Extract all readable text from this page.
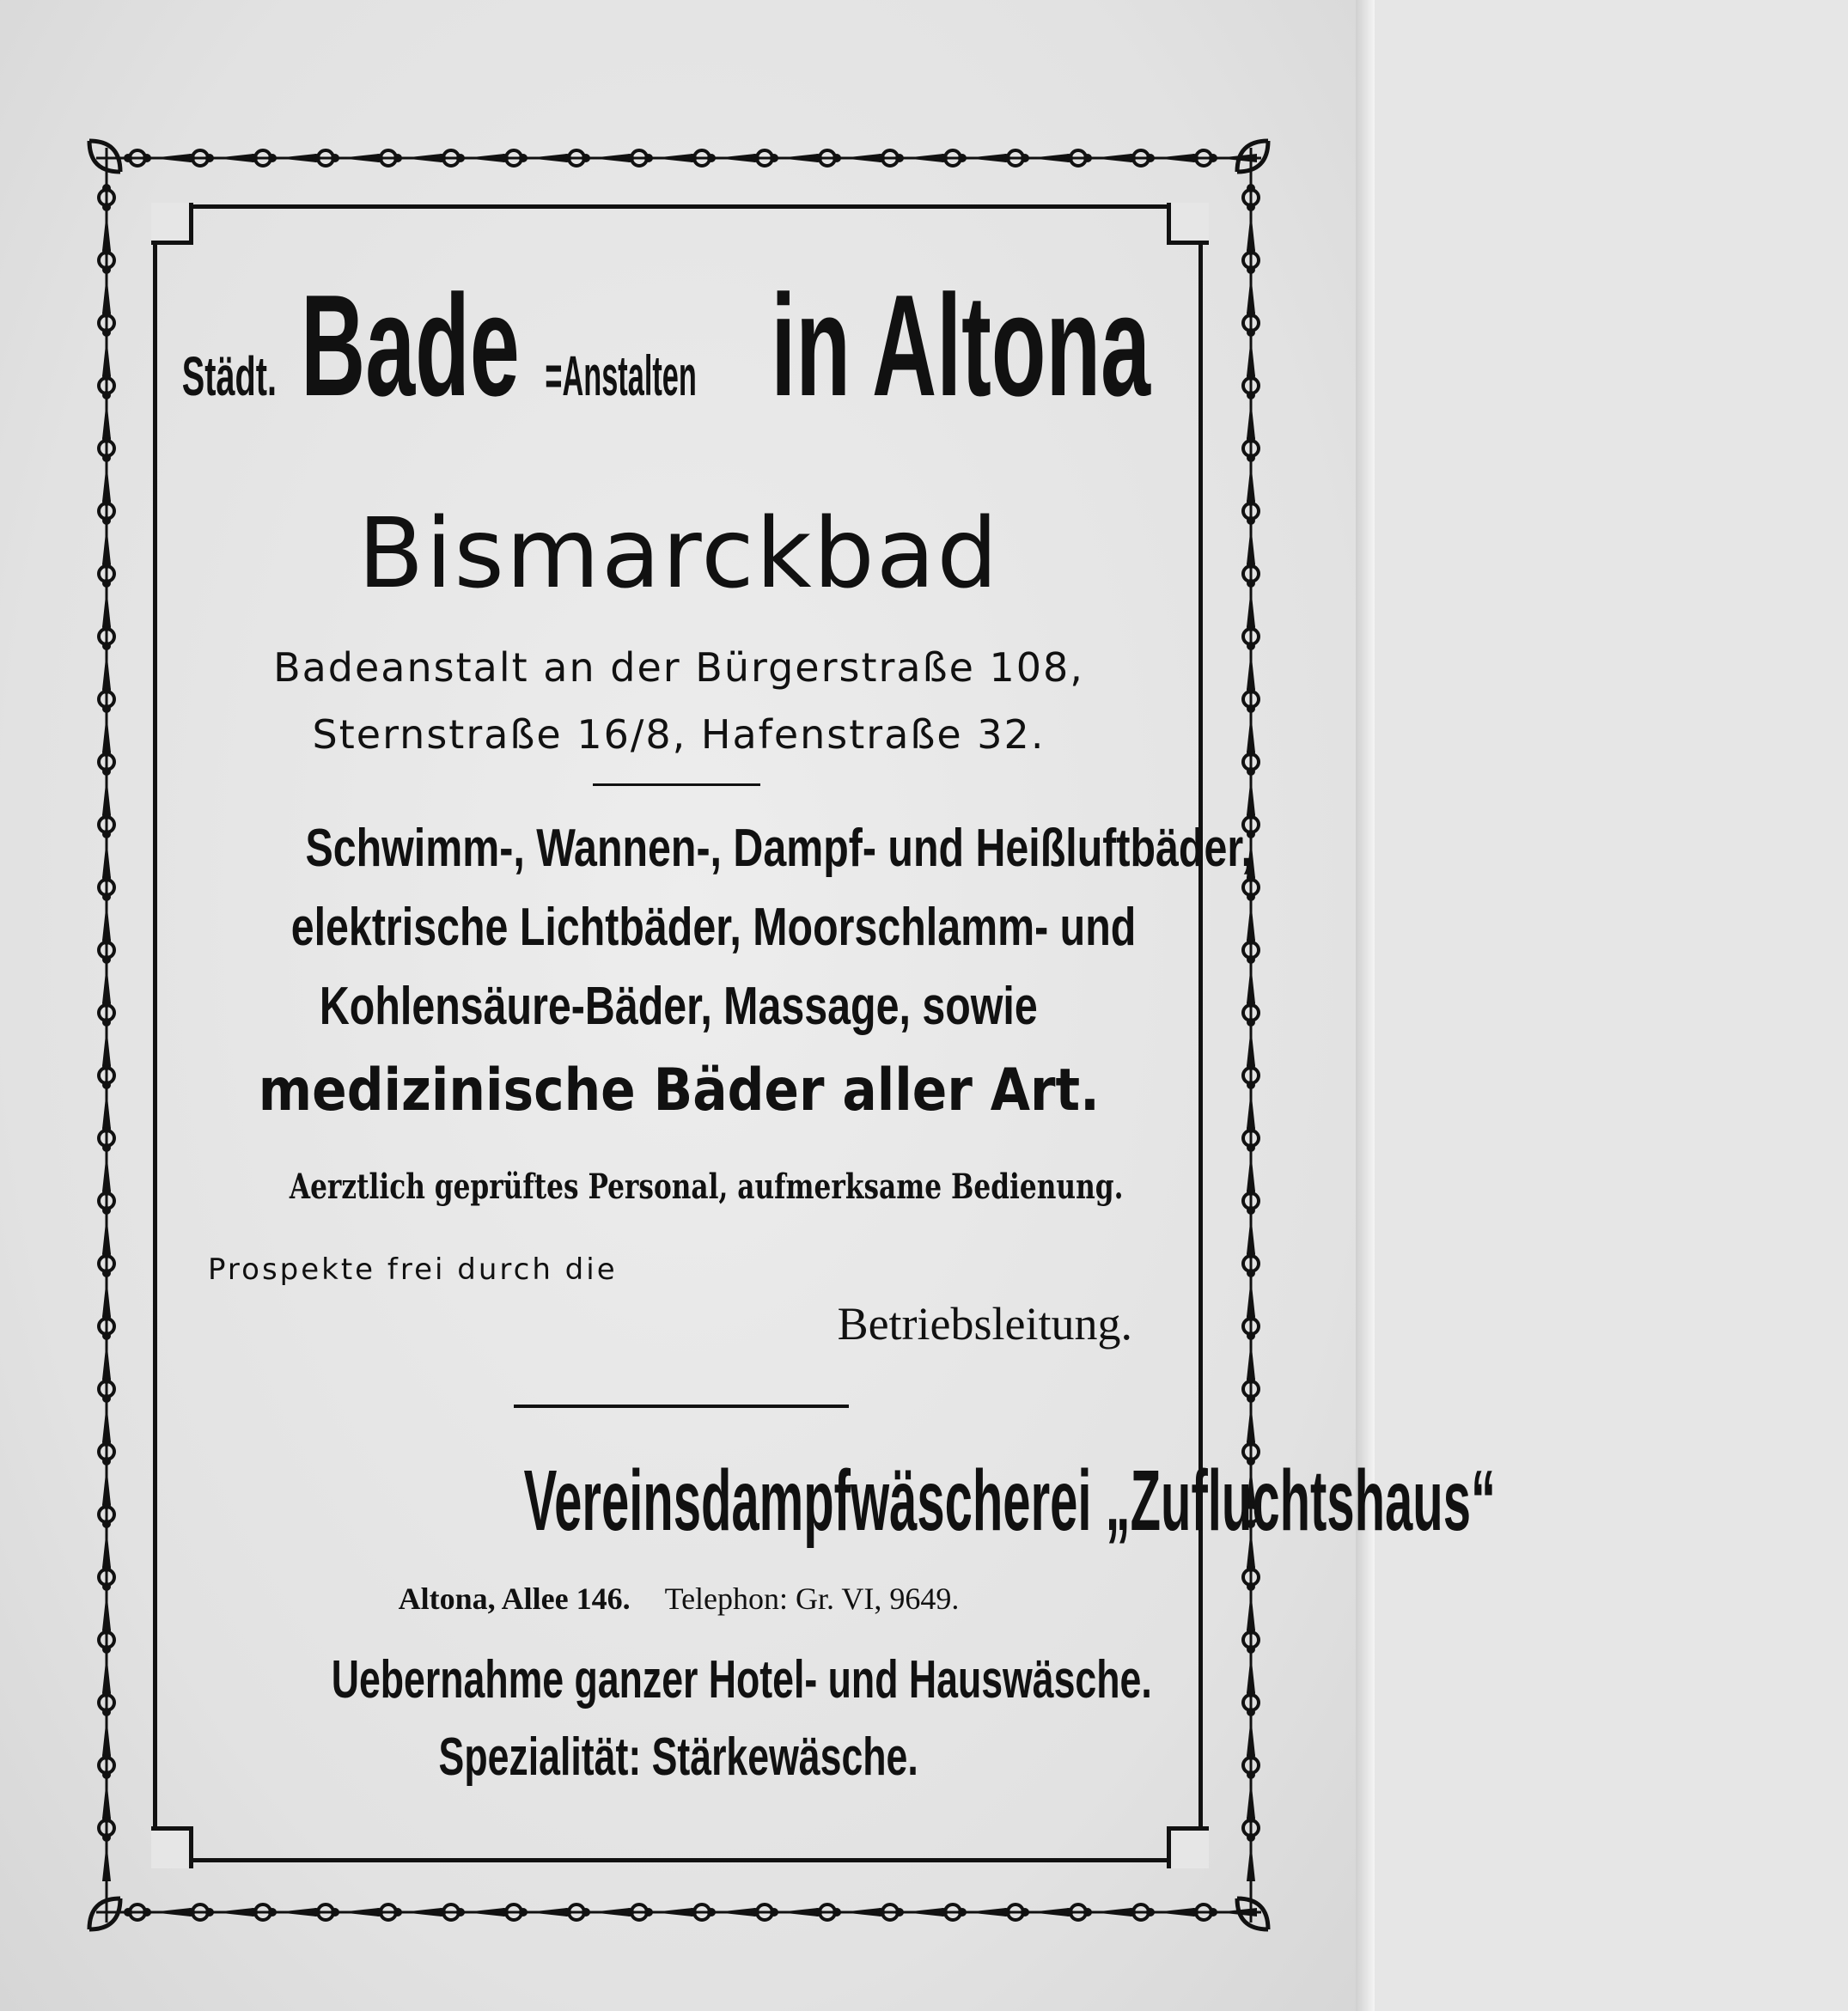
Städt. Bade =Anstalten in Altona
Bismarckbad
Badeanstalt an der Bürgerstraße 108,
Sternstraße 16/8, Hafenstraße 32.
Schwimm-, Wannen-, Dampf- und Heißluftbäder,
elektrische Lichtbäder, Moorschlamm- und
Kohlensäure-Bäder, Massage, sowie
medizinische Bäder aller Art.
Aerztlich geprüftes Personal, aufmerksame Bedienung.
Prospekte frei durch die
Betriebsleitung.
Vereinsdampfwäscherei „Zufluchtshaus“
Altona, Allee 146. Telephon: Gr. VI, 9649.
Uebernahme ganzer Hotel- und Hauswäsche.
Spezialität: Stärkewäsche.
